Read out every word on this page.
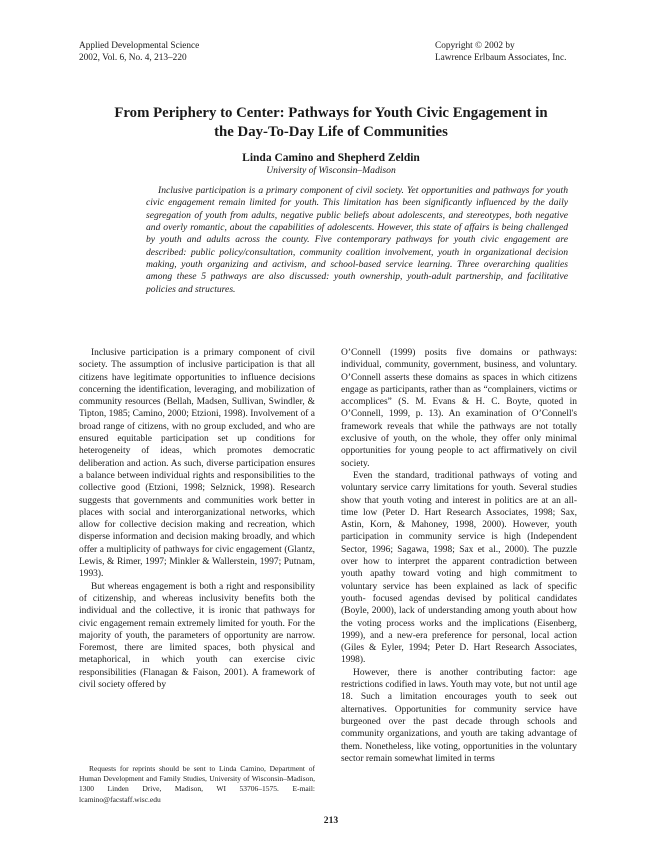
Applied Developmental Science
2002, Vol. 6, No. 4, 213–220
Copyright © 2002 by
Lawrence Erlbaum Associates, Inc.
From Periphery to Center: Pathways for Youth Civic Engagement in
the Day-To-Day Life of Communities
Linda Camino and Shepherd Zeldin
University of Wisconsin–Madison

Inclusive participation is a primary component of civil society. Yet opportunities and pathways for youth civic engagement remain limited for youth. This limitation has been significantly influenced by the daily segregation of youth from adults, negative public beliefs about adolescents, and stereotypes, both negative and overly romantic, about the capabilities of adolescents. However, this state of affairs is being challenged by youth and adults across the county. Five contemporary pathways for youth civic engagement are described: public policy/consultation, community coalition involvement, youth in organizational decision making, youth organizing and activism, and school-based service learning. Three overarching qualities among these 5 pathways are also discussed: youth ownership, youth-adult partnership, and facilitative policies and structures.

Inclusive participation is a primary component of civil society. The assumption of inclusive participation is that all citizens have legitimate opportunities to influence decisions concerning the identification, leveraging, and mobilization of community resources (Bellah, Madsen, Sullivan, Swindler, & Tipton, 1985; Camino, 2000; Etzioni, 1998). Involvement of a broad range of citizens, with no group excluded, and who are ensured equitable participation set up conditions for heterogeneity of ideas, which promotes democratic deliberation and action. As such, diverse participation ensures a balance between individual rights and responsibilities to the collective good (Etzioni, 1998; Selznick, 1998). Research suggests that governments and communities work better in places with social and interorganizational networks, which allow for collective decision making and recreation, which disperse information and decision making broadly, and which offer a multiplicity of pathways for civic engagement (Glantz, Lewis, & Rimer, 1997; Minkler & Wallerstein, 1997; Putnam, 1993).

But whereas engagement is both a right and responsibility of citizenship, and whereas inclusivity benefits both the individual and the collective, it is ironic that pathways for civic engagement remain extremely limited for youth. For the majority of youth, the parameters of opportunity are narrow. Foremost, there are limited spaces, both physical and metaphorical, in which youth can exercise civic responsibilities (Flanagan & Faison, 2001). A framework of civil society offered by

O’Connell (1999) posits five domains or pathways: individual, community, government, business, and voluntary. O’Connell asserts these domains as spaces in which citizens engage as participants, rather than as “complainers, victims or accomplices” (S. M. Evans & H. C. Boyte, quoted in O’Connell, 1999, p. 13). An examination of O’Connell's framework reveals that while the pathways are not totally exclusive of youth, on the whole, they offer only minimal opportunities for young people to act affirmatively on civil society.

Even the standard, traditional pathways of voting and voluntary service carry limitations for youth. Several studies show that youth voting and interest in politics are at an all-time low (Peter D. Hart Research Associates, 1998; Sax, Astin, Korn, & Mahoney, 1998, 2000). However, youth participation in community service is high (Independent Sector, 1996; Sagawa, 1998; Sax et al., 2000). The puzzle over how to interpret the apparent contradiction between youth apathy toward voting and high commitment to voluntary service has been explained as lack of specific youth- focused agendas devised by political candidates (Boyle, 2000), lack of understanding among youth about how the voting process works and the implications (Eisenberg, 1999), and a new-era preference for personal, local action (Giles & Eyler, 1994; Peter D. Hart Research Associates, 1998).

However, there is another contributing factor: age restrictions codified in laws. Youth may vote, but not until age 18. Such a limitation encourages youth to seek out alternatives. Opportunities for community service have burgeoned over the past decade through schools and community organizations, and youth are taking advantage of them. Nonetheless, like voting, opportunities in the voluntary sector remain somewhat limited in terms

Requests for reprints should be sent to Linda Camino, Department of Human Development and Family Studies, University of Wisconsin–Madison, 1300 Linden Drive, Madison, WI 53706–1575. E-mail: lcamino@facstaff.wisc.edu

213
